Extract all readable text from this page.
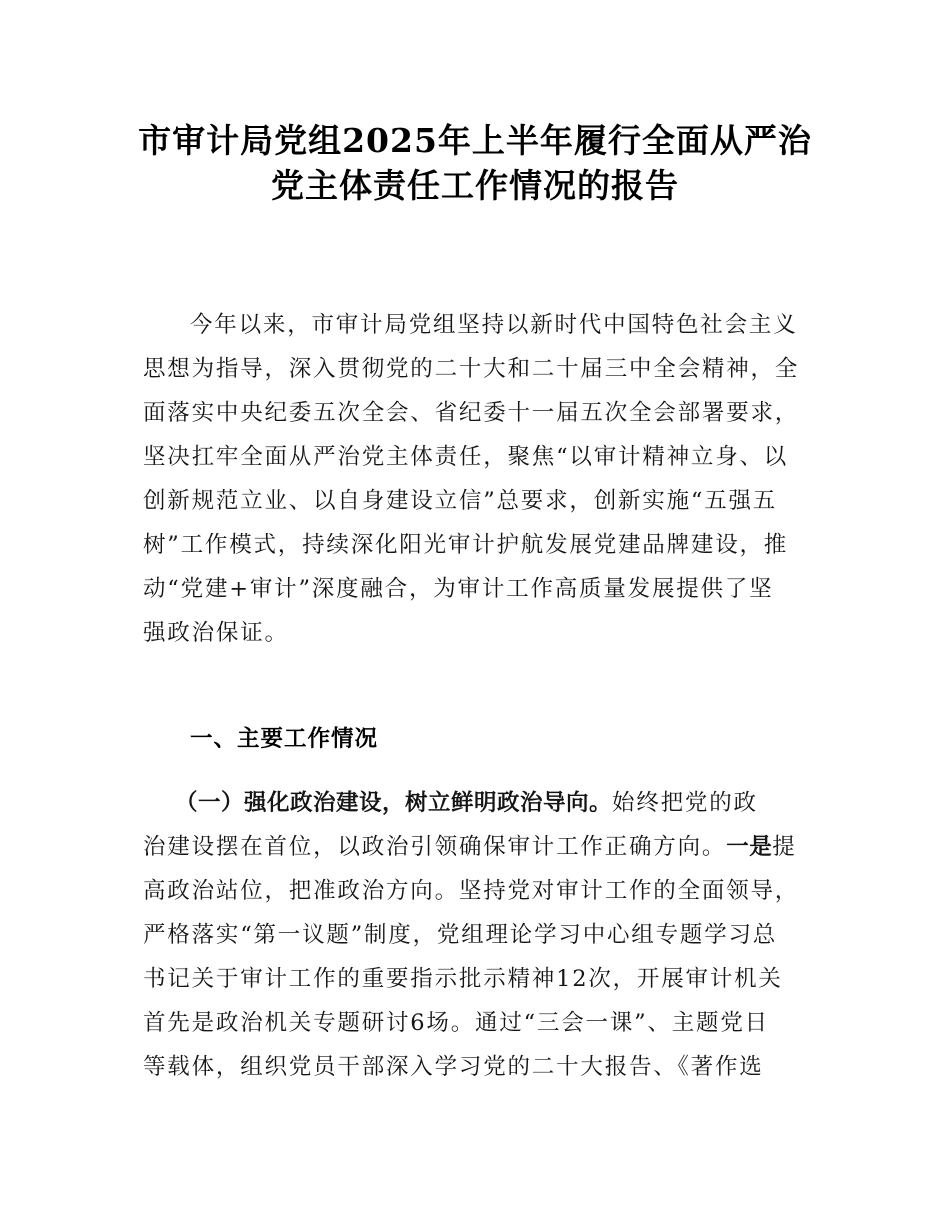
市审计局党组2025年上半年履行全面从严治
党主体责任工作情况的报告
今年以来，市审计局党组坚持以新时代中国特色社会主义
思想为指导，深入贯彻党的二十大和二十届三中全会精神，全
面落实中央纪委五次全会、省纪委十一届五次全会部署要求，
坚决扛牢全面从严治党主体责任，聚焦“以审计精神立身、以
创新规范立业、以自身建设立信”总要求，创新实施“五强五
树”工作模式，持续深化阳光审计护航发展党建品牌建设，推
动“党建+审计”深度融合，为审计工作高质量发展提供了坚
强政治保证。
一、主要工作情况
（一）强化政治建设，树立鲜明政治导向。始终把党的政
治建设摆在首位，以政治引领确保审计工作正确方向。一是提
高政治站位，把准政治方向。坚持党对审计工作的全面领导，
严格落实“第一议题”制度，党组理论学习中心组专题学习总
书记关于审计工作的重要指示批示精神12次，开展审计机关
首先是政治机关专题研讨6场。通过“三会一课”、主题党日
等载体，组织党员干部深入学习党的二十大报告、《著作选
